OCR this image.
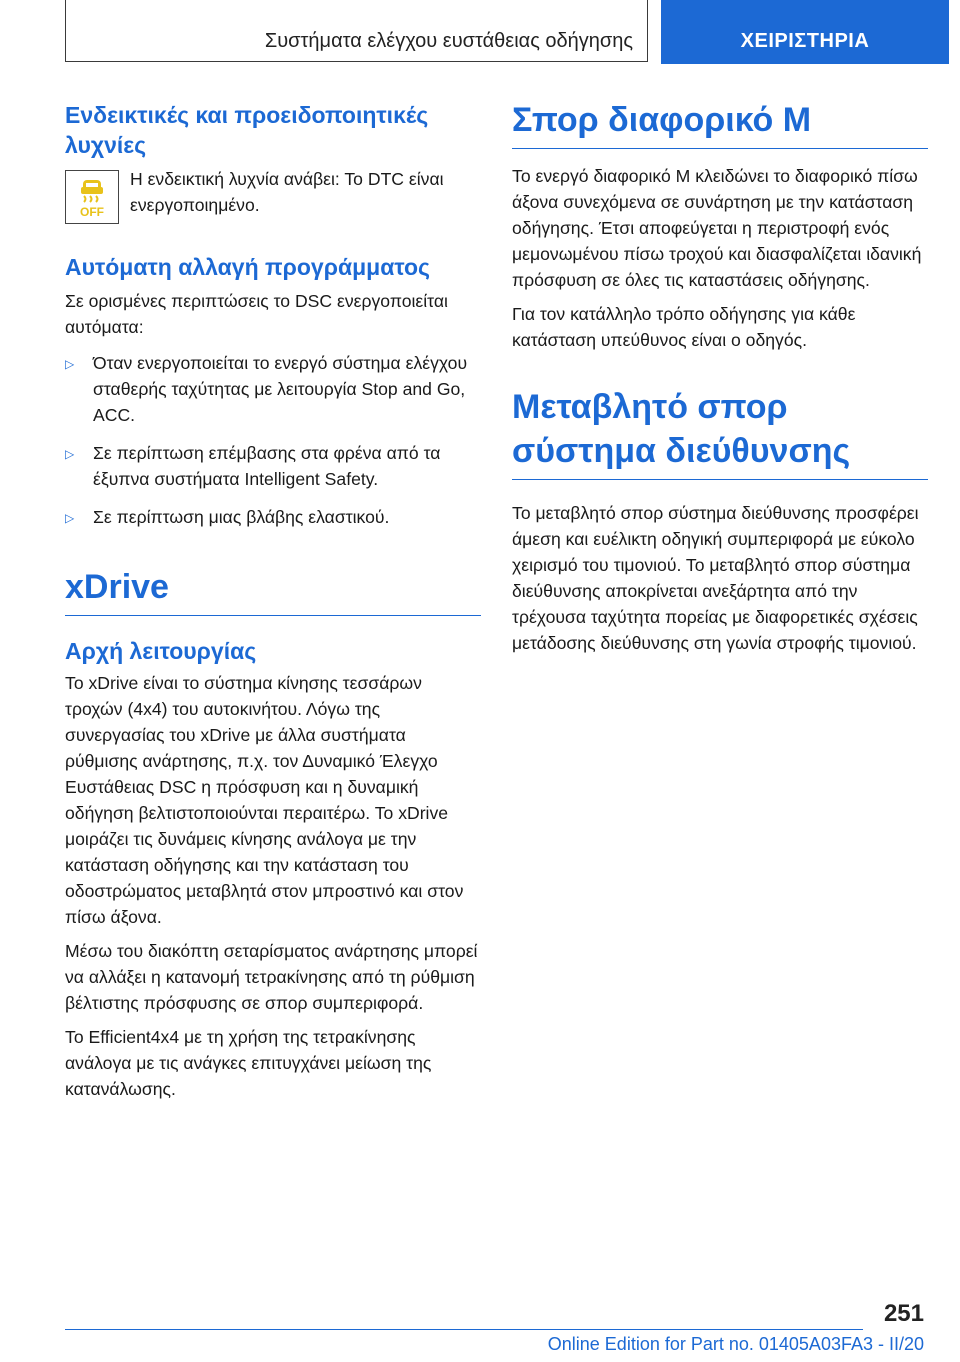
Συστήματα ελέγχου ευστάθειας οδήγησης	ΧΕΙΡΙΣΤΗΡΙΑ
Ενδεικτικές και προειδοποιητικές λυχνίες
OFF

Η ενδεικτική λυχνία ανάβει: Το DTC είναι ενεργοποιημένο.

Αυτόματη αλλαγή προγράμματος

Σε ορισμένες περιπτώσεις το DSC ενεργοποιείται αυτόματα:

▷	Όταν ενεργοποιείται το ενεργό σύστημα ελέγχου σταθερής ταχύτητας με λειτουργία Stop and Go, ACC.
▷	Σε περίπτωση επέμβασης στα φρένα από τα έξυπνα συστήματα Intelligent Safety.
▷	Σε περίπτωση μιας βλάβης ελαστικού.
xDrive
Αρχή λειτουργίας

Το xDrive είναι το σύστημα κίνησης τεσσάρων τροχών (4x4) του αυτοκινήτου. Λόγω της συνεργασίας του xDrive με άλλα συστήματα ρύθμισης ανάρτησης, π.χ. τον Δυναμικό Έλεγχο Ευστάθειας DSC η πρόσφυση και η δυναμική οδήγηση βελτιστοποιούνται περαιτέρω. Το xDrive μοιράζει τις δυνάμεις κίνησης ανάλογα με την κατάσταση οδήγησης και την κατάσταση του οδοστρώματος μεταβλητά στον μπροστινό και στον πίσω άξονα.

Μέσω του διακόπτη σεταρίσματος ανάρτησης μπορεί να αλλάξει η κατανομή τετρακίνησης από τη ρύθμιση βέλτιστης πρόσφυσης σε σπορ συμπεριφορά.

Το Efficient4x4 με τη χρήση της τετρακίνησης ανάλογα με τις ανάγκες επιτυγχάνει μείωση της κατανάλωσης.

Σπορ διαφορικό Μ

Το ενεργό διαφορικό Μ κλειδώνει το διαφορικό πίσω άξονα συνεχόμενα σε συνάρτηση με την κατάσταση οδήγησης. Έτσι αποφεύγεται η περιστροφή ενός μεμονωμένου πίσω τροχού και διασφαλίζεται ιδανική πρόσφυση σε όλες τις καταστάσεις οδήγησης.

Για τον κατάλληλο τρόπο οδήγησης για κάθε κατάσταση υπεύθυνος είναι ο οδηγός.

Μεταβλητό σπορ σύστημα διεύθυνσης

Το μεταβλητό σπορ σύστημα διεύθυνσης προσφέρει άμεση και ευέλικτη οδηγική συμπεριφορά με εύκολο χειρισμό του τιμονιού. Το μεταβλητό σπορ σύστημα διεύθυνσης αποκρίνεται ανεξάρτητα από την τρέχουσα ταχύτητα πορείας με διαφορετικές σχέσεις μετάδοσης διεύθυνσης στη γωνία στροφής τιμονιού.

251
Online Edition for Part no. 01405A03FA3 - II/20
